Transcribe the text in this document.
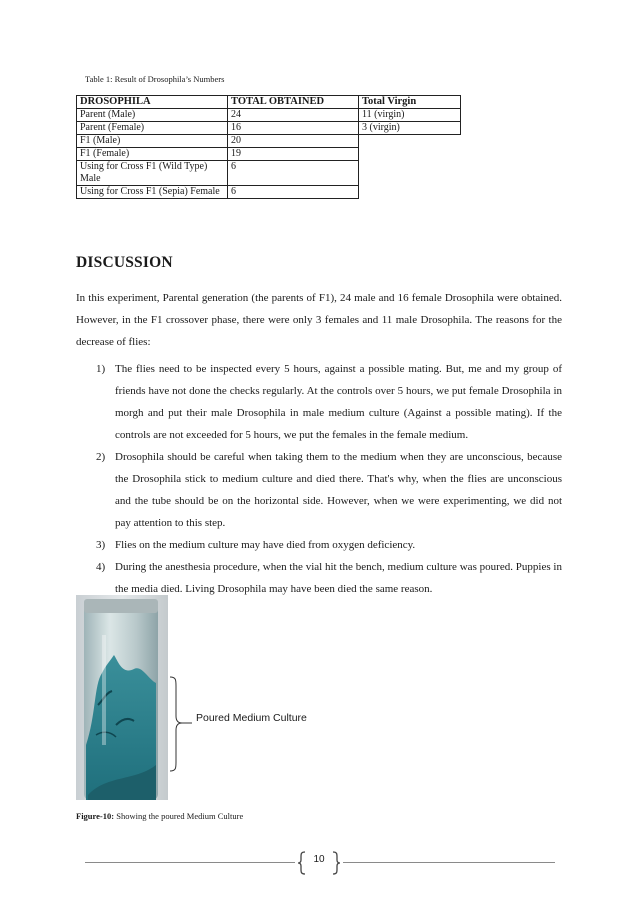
Table 1: Result of Drosophila’s Numbers
DROSOPHILA	TOTAL OBTAINED	Total Virgin
Parent (Male)	24	11 (virgin)
Parent (Female)	16	3 (virgin)
F1 (Male)	20	
F1 (Female)	19	
Using for Cross F1 (Wild Type) Male	6	
Using for Cross F1 (Sepia) Female	6	
DISCUSSION

In this experiment, Parental generation (the parents of F1), 24 male and 16 female Drosophila were obtained. However, in the F1 crossover phase, there were only 3 females and 11 male Drosophila. The reasons for the decrease of flies:

1) The flies need to be inspected every 5 hours, against a possible mating. But, me and my group of friends have not done the checks regularly. At the controls over 5 hours, we put female Drosophila in morgh and put their male Drosophila in male medium culture (Against a possible mating). If the controls are not exceeded for 5 hours, we put the females in the female medium.
2) Drosophila should be careful when taking them to the medium when they are unconscious, because the Drosophila stick to medium culture and died there. That's why, when the flies are unconscious and the tube should be on the horizontal side. However, when we were experimenting, we did not pay attention to this step.
3) Flies on the medium culture may have died from oxygen deficiency.
4) During the anesthesia procedure, when the vial hit the bench, medium culture was poured. Puppies in the media died. Living Drosophila may have been died the same reason.
Poured Medium Culture
Figure-10: Showing the poured Medium Culture
10
